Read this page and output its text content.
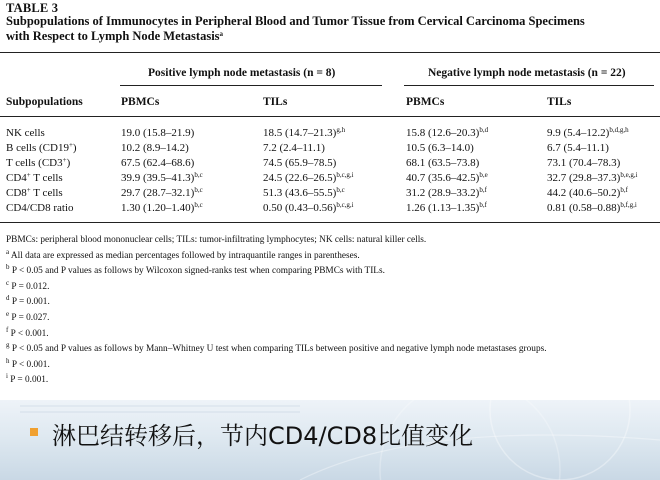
TABLE 3
Subpopulations of Immunocytes in Peripheral Blood and Tumor Tissue from Cervical Carcinoma Specimens
with Respect to Lymph Node Metastasis$^a$
Positive lymph node metastasis (n = 8)	Negative lymph node metastasis (n = 22)
Subpopulations	PBMCs	TILs	PBMCs	TILs
NK cells	19.0 (15.8–21.9)	18.5 $(14.7-21.3)^{g,h}$	15.8 $(12.6-20.3)^{b,d}$	9.9 $(5.4-12.2)^{b,d,g,h}$
B cells (CD19+)	10.2 (8.9–14.2)	7.2 (2.4–11.1)	10.5 (6.3–14.0)	6.7 (5.4–11.1)
T cells (CD3+)	67.5 (62.4–68.6)	74.5 (65.9–78.5)	68.1 (63.5–73.8)	73.1 (70.4–78.3)
CD4+ T cells	39.9 $(39.5-41.3)^{b,c}$	24.5 $(22.6-26.5)^{b,c,g,i}$	40.7 $(35.6-42.5)^{b,e}$	32.7 $(29.8-37.3)^{b,e,g,i}$
CD8+ T cells	29.7 $(28.7-32.1)^{b,c}$	51.3 $(43.6-55.5)^{b,c}$	31.2 $(28.9-33.2)^{b,f}$	44.2 $(40.6-50.2)^{b,f}$
CD4/CD8 ratio	1.30 $(1.20-1.40)^{b,c}$	0.50 $(0.43-0.56)^{b,c,g,i}$	1.26 $(1.13-1.35)^{b,f}$	0.81 $(0.58-0.88)^{b,f,g,i}$
PBMCs: peripheral blood mononuclear cells; TILs: tumor-infiltrating lymphocytes; NK cells: natural killer cells.
$^a$ All data are expressed as median percentages followed by intraquantile ranges in parentheses.
$^b$ P < 0.05 and P values as follows by Wilcoxon signed-ranks test when comparing PBMCs with TILs.
$^c$ P = 0.012.
$^d$ P = 0.001.
$^e$ P = 0.027.
$^f$ P < 0.001.
$^g$ P < 0.05 and P values as follows by Mann–Whitney U test when comparing TILs between positive and negative lymph node metastases groups.
$^h$ P < 0.001.
$^i$ P = 0.001.
淋巴结转移后，节内CD4/CD8比值变化
